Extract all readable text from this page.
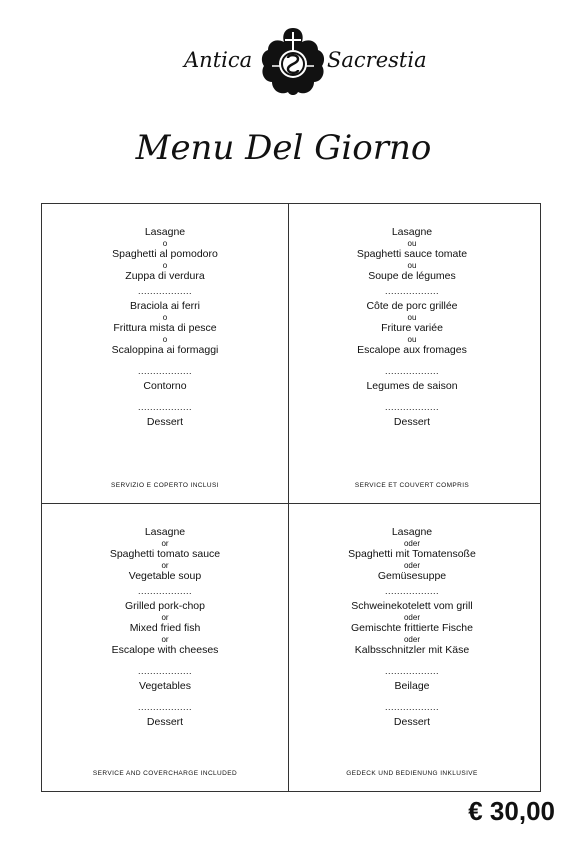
Antica	Sacrestia
Menu Del Giorno
Lasagne
o
Spaghetti al pomodoro
o
Zuppa di verdura
..................
Braciola ai ferri
o
Frittura mista di pesce
o
Scaloppina ai formaggi
..................
Contorno
..................
Dessert
SERVIZIO E COPERTO INCLUSI
Lasagne
ou
Spaghetti sauce tomate
ou
Soupe de légumes
..................
Côte de porc grillée
ou
Friture variée
ou
Escalope aux fromages
..................
Legumes de saison
..................
Dessert
SERVICE ET COUVERT COMPRIS
Lasagne
or
Spaghetti tomato sauce
or
Vegetable soup
..................
Grilled pork-chop
or
Mixed fried fish
or
Escalope with cheeses
..................
Vegetables
..................
Dessert
SERVICE AND COVERCHARGE INCLUDED
Lasagne
oder
Spaghetti mit Tomatensoße
oder
Gemüsesuppe
..................
Schweinekotelett vom grill
oder
Gemischte frittierte Fische
oder
Kalbsschnitzler mit Käse
..................
Beilage
..................
Dessert
GEDECK UND BEDIENUNG INKLUSIVE
€ 30,00
